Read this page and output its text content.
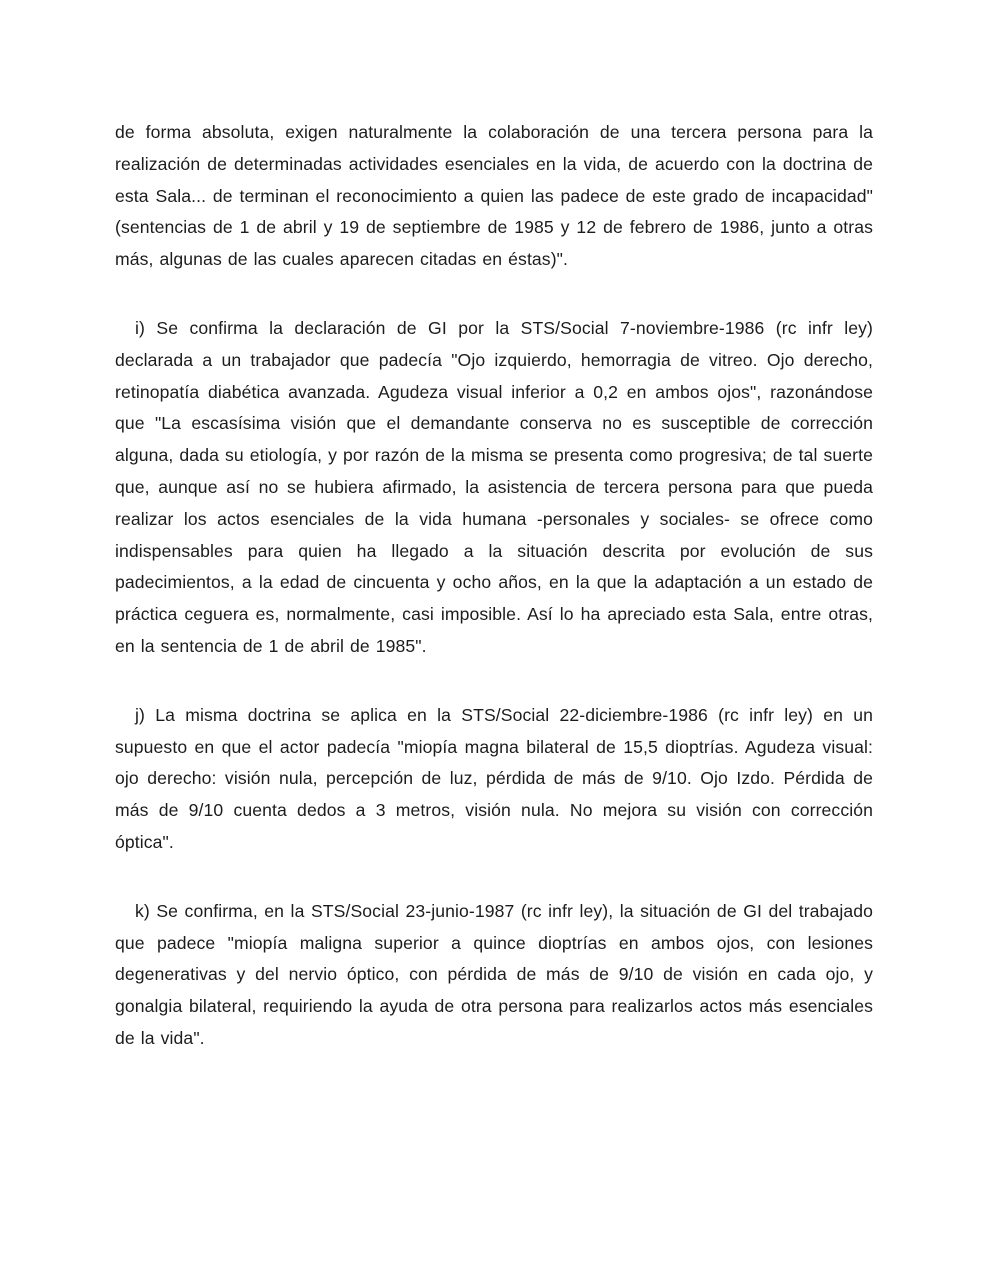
de forma absoluta, exigen naturalmente la colaboración de una tercera persona para la realización de determinadas actividades esenciales en la vida, de acuerdo con la doctrina de esta Sala... de terminan el reconocimiento a quien las padece de este grado de incapacidad" (sentencias de 1 de abril y 19 de septiembre de 1985 y 12 de febrero de 1986, junto a otras más, algunas de las cuales aparecen citadas en éstas)".

i) Se confirma la declaración de GI por la STS/Social 7-noviembre-1986 (rc infr ley) declarada a un trabajador que padecía "Ojo izquierdo, hemorragia de vitreo. Ojo derecho, retinopatía diabética avanzada. Agudeza visual inferior a 0,2 en ambos ojos", razonándose que "La escasísima visión que el demandante conserva no es susceptible de corrección alguna, dada su etiología, y por razón de la misma se presenta como progresiva; de tal suerte que, aunque así no se hubiera afirmado, la asistencia de tercera persona para que pueda realizar los actos esenciales de la vida humana -personales y sociales- se ofrece como indispensables para quien ha llegado a la situación descrita por evolución de sus padecimientos, a la edad de cincuenta y ocho años, en la que la adaptación a un estado de práctica ceguera es, normalmente, casi imposible. Así lo ha apreciado esta Sala, entre otras, en la sentencia de 1 de abril de 1985".

j) La misma doctrina se aplica en la STS/Social 22-diciembre-1986 (rc infr ley) en un supuesto en que el actor padecía "miopía magna bilateral de 15,5 dioptrías. Agudeza visual: ojo derecho: visión nula, percepción de luz, pérdida de más de 9/10. Ojo Izdo. Pérdida de más de 9/10 cuenta dedos a 3 metros, visión nula. No mejora su visión con corrección óptica".

k) Se confirma, en la STS/Social 23-junio-1987 (rc infr ley), la situación de GI del trabajado que padece "miopía maligna superior a quince dioptrías en ambos ojos, con lesiones degenerativas y del nervio óptico, con pérdida de más de 9/10 de visión en cada ojo, y gonalgia bilateral, requiriendo la ayuda de otra persona para realizarlos actos más esenciales de la vida".
